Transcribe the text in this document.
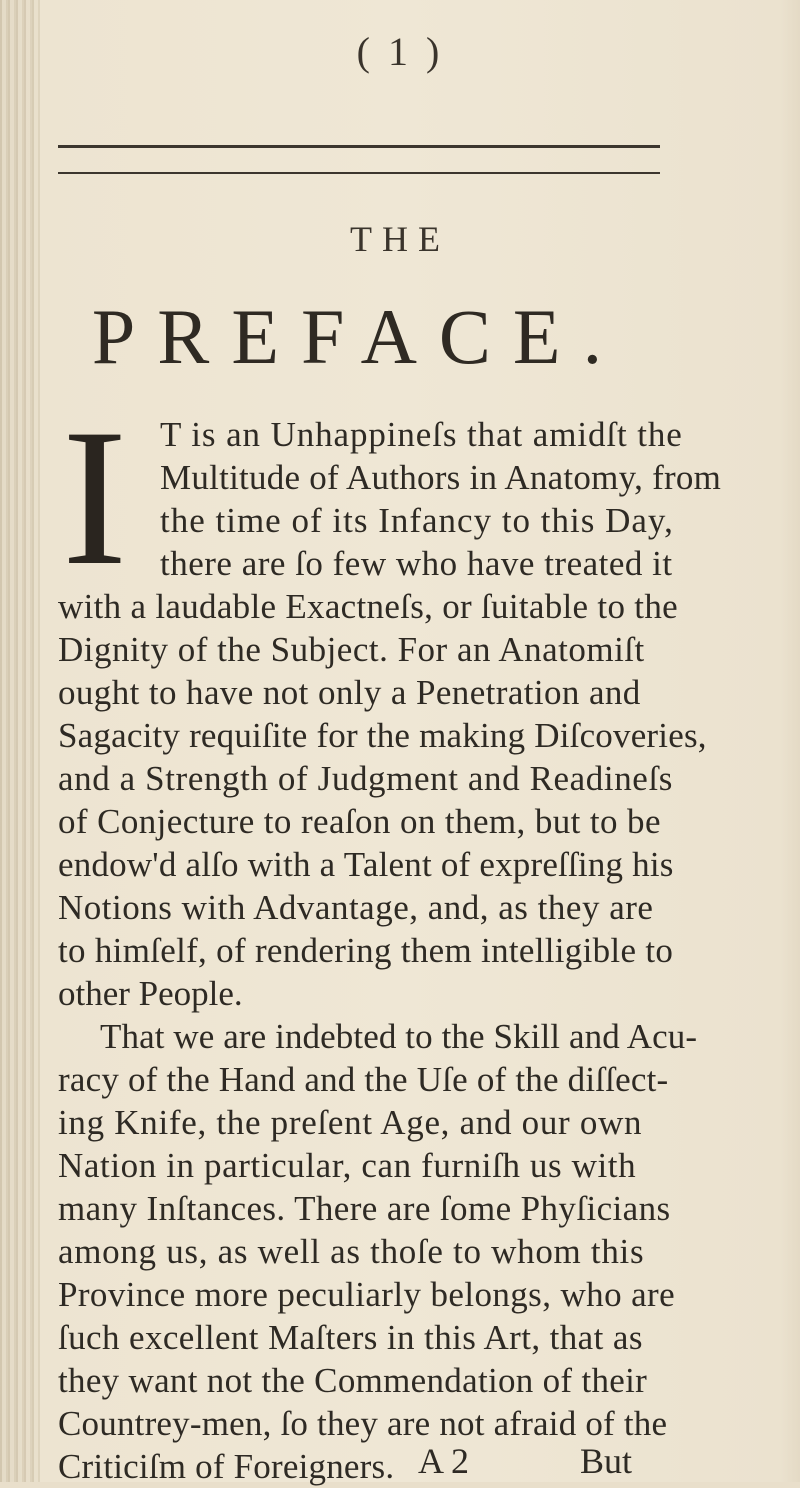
( 1 )
THE
PREFACE.
I T is an Unhappineſs that amidſt the
Multitude of Authors in Anatomy, from
the time of its Infancy to this Day,
there are ſo few who have treated it
with a laudable Exactneſs, or ſuitable to the
Dignity of the Subject. For an Anatomiſt
ought to have not only a Penetration and
Sagacity requiſite for the making Diſcoveries,
and a Strength of Judgment and Readineſs
of Conjecture to reaſon on them, but to be
endow'd alſo with a Talent of expreſſing his
Notions with Advantage, and, as they are
to himſelf, of rendering them intelligible to
other People.
That we are indebted to the Skill and Acu-
racy of the Hand and the Uſe of the diſſect-
ing Knife, the preſent Age, and our own
Nation in particular, can furniſh us with
many Inſtances. There are ſome Phyſicians
among us, as well as thoſe to whom this
Province more peculiarly belongs, who are
ſuch excellent Maſters in this Art, that as
they want not the Commendation of their
Countrey-men, ſo they are not afraid of the
Criticiſm of Foreigners. A 2	But
